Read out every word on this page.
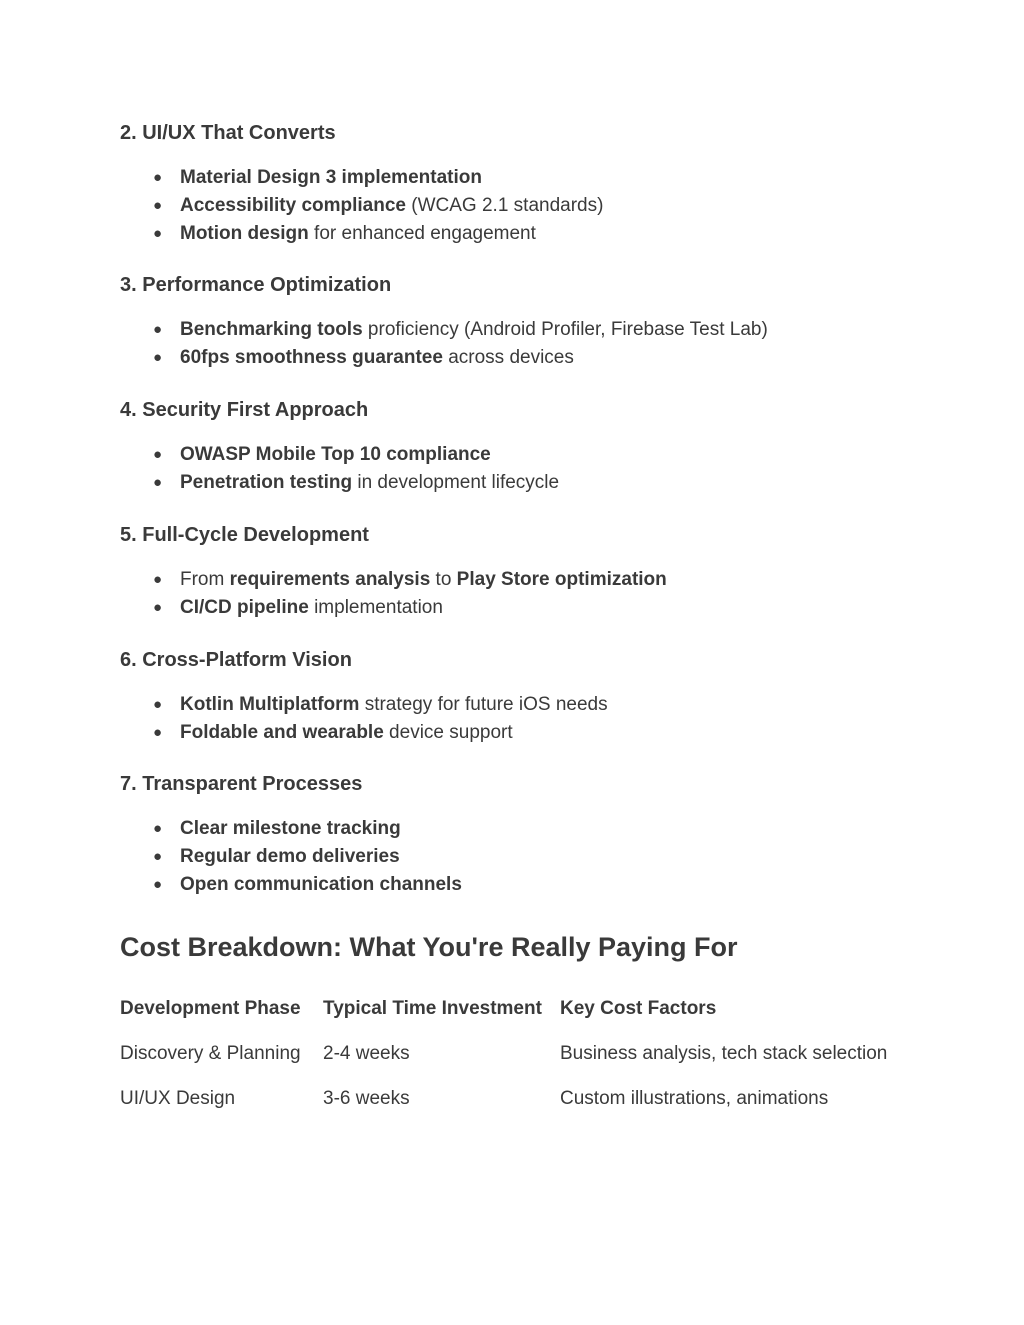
2. UI/UX That Converts
● Material Design 3 implementation
● Accessibility compliance (WCAG 2.1 standards)
● Motion design for enhanced engagement
3. Performance Optimization
● Benchmarking tools proficiency (Android Profiler, Firebase Test Lab)
● 60fps smoothness guarantee across devices
4. Security First Approach
● OWASP Mobile Top 10 compliance
● Penetration testing in development lifecycle
5. Full-Cycle Development
● From requirements analysis to Play Store optimization
● CI/CD pipeline implementation
6. Cross-Platform Vision
● Kotlin Multiplatform strategy for future iOS needs
● Foldable and wearable device support
7. Transparent Processes
● Clear milestone tracking
● Regular demo deliveries
● Open communication channels
Cost Breakdown: What You're Really Paying For
Development Phase	Typical Time Investment	Key Cost Factors
Discovery & Planning	2-4 weeks	Business analysis, tech stack selection
UI/UX Design	3-6 weeks	Custom illustrations, animations
